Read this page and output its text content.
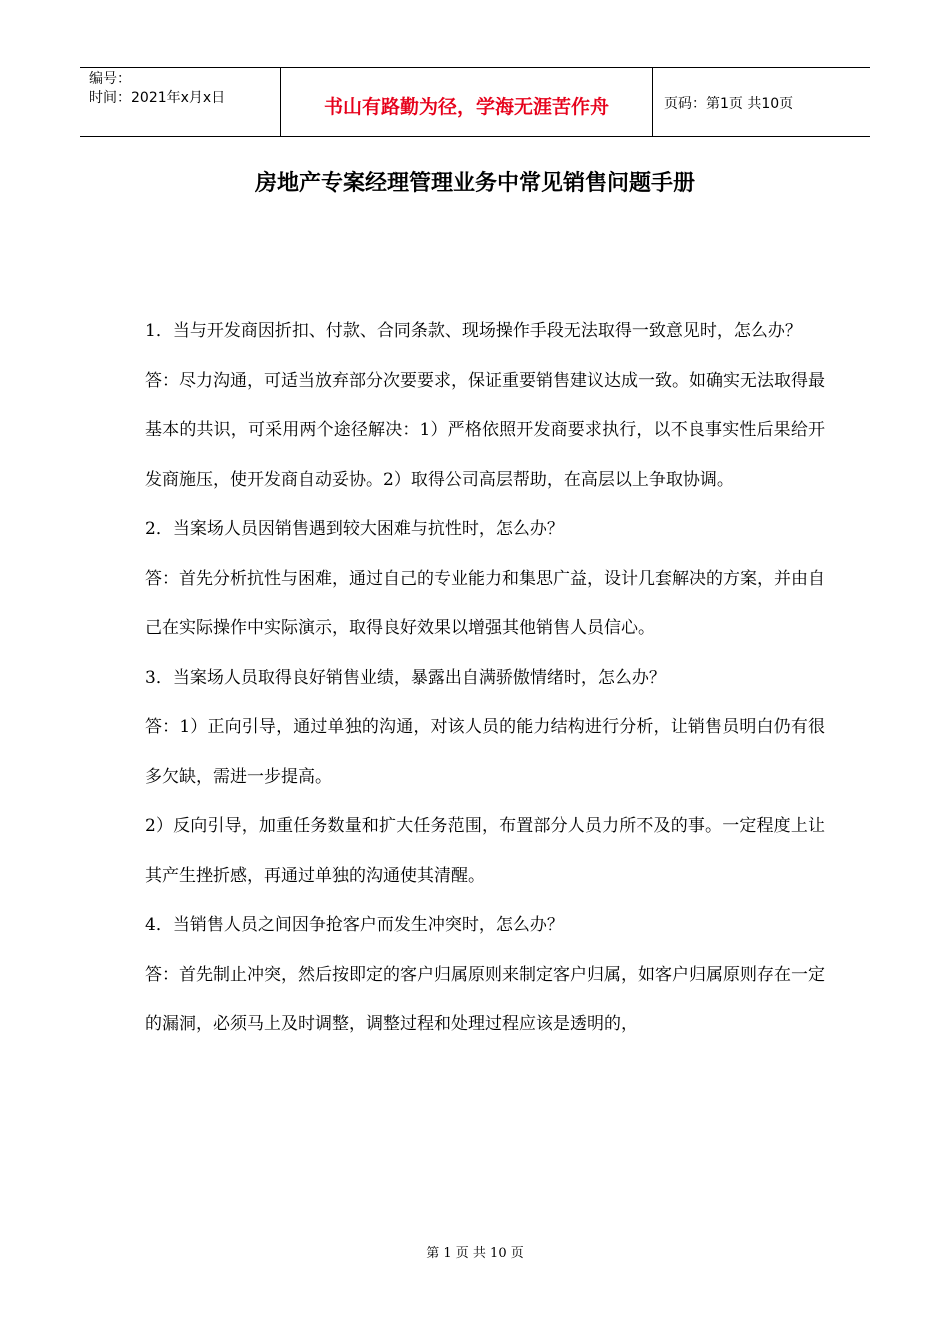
编号：
时间：2021年x月x日	书山有路勤为径，学海无涯苦作舟	页码：第1页 共10页
房地产专案经理管理业务中常见销售问题手册

1．当与开发商因折扣、付款、合同条款、现场操作手段无法取得一致意见时，怎么办？

答：尽力沟通，可适当放弃部分次要要求，保证重要销售建议达成一致。如确实无法取得最基本的共识，可采用两个途径解决：1）严格依照开发商要求执行，以不良事实性后果给开发商施压，使开发商自动妥协。2）取得公司高层帮助，在高层以上争取协调。

2．当案场人员因销售遇到较大困难与抗性时，怎么办？

答：首先分析抗性与困难，通过自己的专业能力和集思广益，设计几套解决的方案，并由自己在实际操作中实际演示，取得良好效果以增强其他销售人员信心。

3．当案场人员取得良好销售业绩，暴露出自满骄傲情绪时，怎么办？

答：1）正向引导，通过单独的沟通，对该人员的能力结构进行分析，让销售员明白仍有很多欠缺，需进一步提高。

2）反向引导，加重任务数量和扩大任务范围，布置部分人员力所不及的事。一定程度上让其产生挫折感，再通过单独的沟通使其清醒。

4．当销售人员之间因争抢客户而发生冲突时，怎么办？

答：首先制止冲突，然后按即定的客户归属原则来制定客户归属，如客户归属原则存在一定的漏洞，必须马上及时调整，调整过程和处理过程应该是透明的，

第 1 页 共 10 页
